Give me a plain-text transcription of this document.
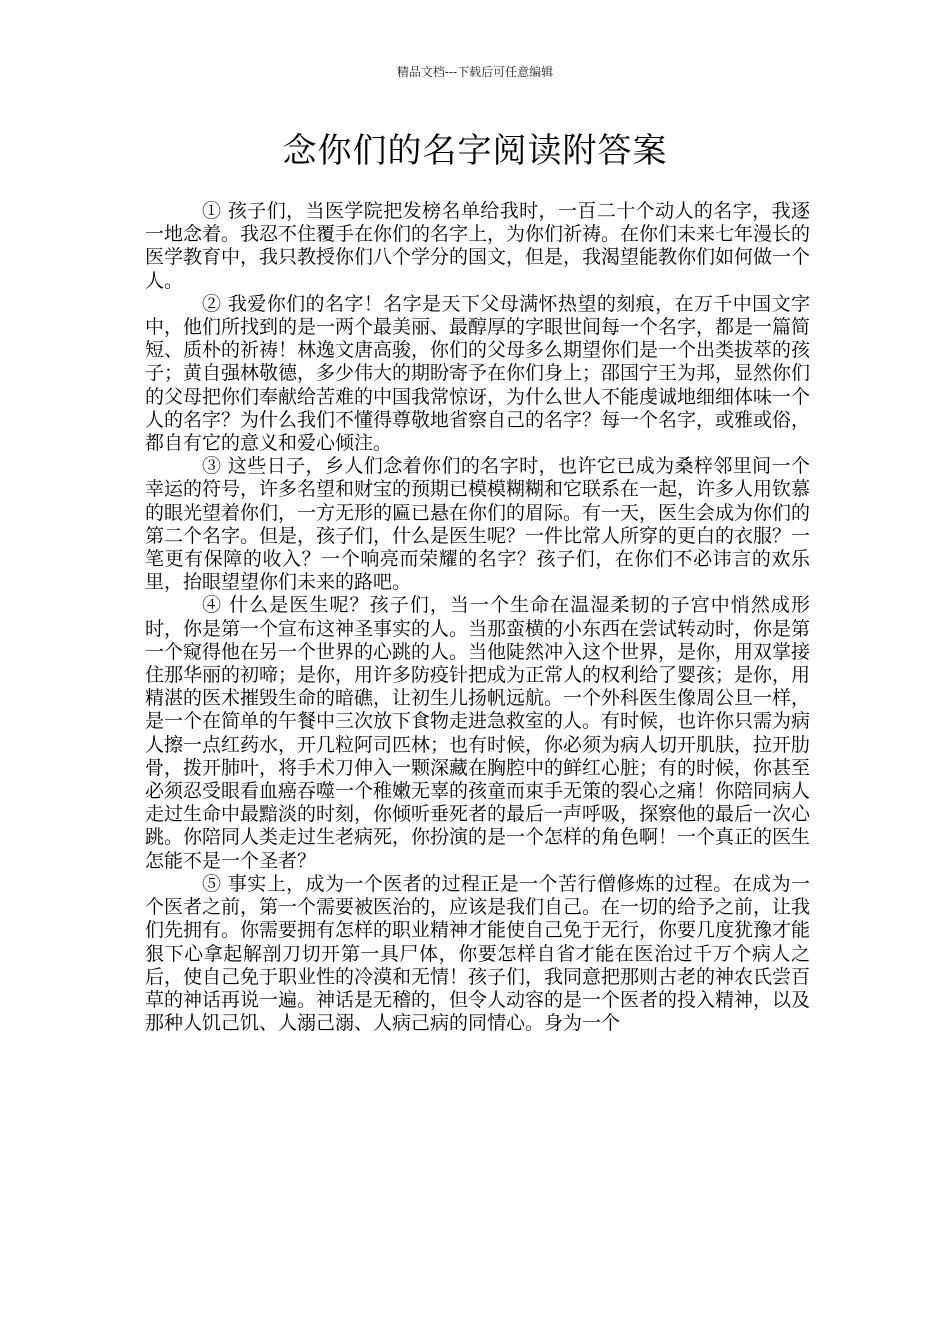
精品文档---下载后可任意编辑
念你们的名字阅读附答案

① 孩子们，当医学院把发榜名单给我时，一百二十个动人的名字，我逐一地念着。我忍不住覆手在你们的名字上，为你们祈祷。在你们未来七年漫长的医学教育中，我只教授你们八个学分的国文，但是，我渴望能教你们如何做一个人。

② 我爱你们的名字！名字是天下父母满怀热望的刻痕，在万千中国文字中，他们所找到的是一两个最美丽、最醇厚的字眼世间每一个名字，都是一篇简短、质朴的祈祷！林逸文唐高骏，你们的父母多么期望你们是一个出类拔萃的孩子；黄自强林敬德，多少伟大的期盼寄予在你们身上；邵国宁王为邦，显然你们的父母把你们奉献给苦难的中国我常惊讶，为什么世人不能虔诚地细细体味一个人的名字？为什么我们不懂得尊敬地省察自己的名字？每一个名字，或雅或俗，都自有它的意义和爱心倾注。

③ 这些日子，乡人们念着你们的名字时，也许它已成为桑梓邻里间一个幸运的符号，许多名望和财宝的预期已模模糊糊和它联系在一起，许多人用钦慕的眼光望着你们，一方无形的匾已悬在你们的眉际。有一天，医生会成为你们的第二个名字。但是，孩子们，什么是医生呢？一件比常人所穿的更白的衣服？一笔更有保障的收入？一个响亮而荣耀的名字？孩子们，在你们不必讳言的欢乐里，抬眼望望你们未来的路吧。

④ 什么是医生呢？孩子们，当一个生命在温湿柔韧的子宫中悄然成形时，你是第一个宣布这神圣事实的人。当那蛮横的小东西在尝试转动时，你是第一个窥得他在另一个世界的心跳的人。当他陡然冲入这个世界，是你，用双掌接住那华丽的初啼；是你，用许多防疫针把成为正常人的权利给了婴孩；是你，用精湛的医术摧毁生命的暗礁，让初生儿扬帆远航。一个外科医生像周公旦一样，是一个在简单的午餐中三次放下食物走进急救室的人。有时候，也许你只需为病人擦一点红药水，开几粒阿司匹林；也有时候，你必须为病人切开肌肤，拉开肋骨，拨开肺叶，将手术刀伸入一颗深藏在胸腔中的鲜红心脏；有的时候，你甚至必须忍受眼看血癌吞噬一个稚嫩无辜的孩童而束手无策的裂心之痛！你陪同病人走过生命中最黯淡的时刻，你倾听垂死者的最后一声呼吸，探察他的最后一次心跳。你陪同人类走过生老病死，你扮演的是一个怎样的角色啊！一个真正的医生怎能不是一个圣者？

⑤ 事实上，成为一个医者的过程正是一个苦行僧修炼的过程。在成为一个医者之前，第一个需要被医治的，应该是我们自己。在一切的给予之前，让我们先拥有。你需要拥有怎样的职业精神才能使自己免于无行，你要几度犹豫才能狠下心拿起解剖刀切开第一具尸体，你要怎样自省才能在医治过千万个病人之后，使自己免于职业性的冷漠和无情！孩子们，我同意把那则古老的神农氏尝百草的神话再说一遍。神话是无稽的，但令人动容的是一个医者的投入精神，以及那种人饥己饥、人溺己溺、人病己病的同情心。身为一个
